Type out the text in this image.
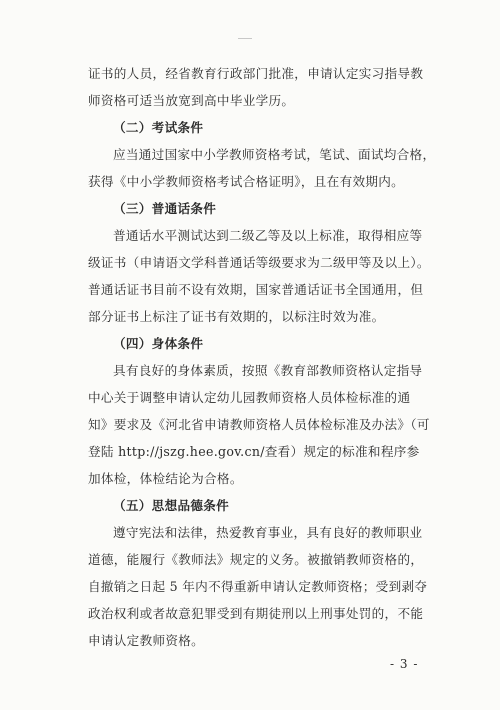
证书的人员，经省教育行政部门批准，申请认定实习指导教
师资格可适当放宽到高中毕业学历。

（二）考试条件

应当通过国家中小学教师资格考试，笔试、面试均合格，
获得《中小学教师资格考试合格证明》，且在有效期内。

（三）普通话条件

普通话水平测试达到二级乙等及以上标准，取得相应等
级证书（申请语文学科普通话等级要求为二级甲等及以上）。
普通话证书目前不设有效期，国家普通话证书全国通用，但
部分证书上标注了证书有效期的，以标注时效为准。

（四）身体条件

具有良好的身体素质，按照《教育部教师资格认定指导
中心关于调整申请认定幼儿园教师资格人员体检标准的通
知》要求及《河北省申请教师资格人员体检标准及办法》（可
登陆 http://jszg.hee.gov.cn/查看）规定的标准和程序参
加体检，体检结论为合格。

（五）思想品德条件

遵守宪法和法律，热爱教育事业，具有良好的教师职业
道德，能履行《教师法》规定的义务。被撤销教师资格的，
自撤销之日起 5 年内不得重新申请认定教师资格；受到剥夺
政治权利或者故意犯罪受到有期徒刑以上刑事处罚的，不能
申请认定教师资格。

- 3 -
